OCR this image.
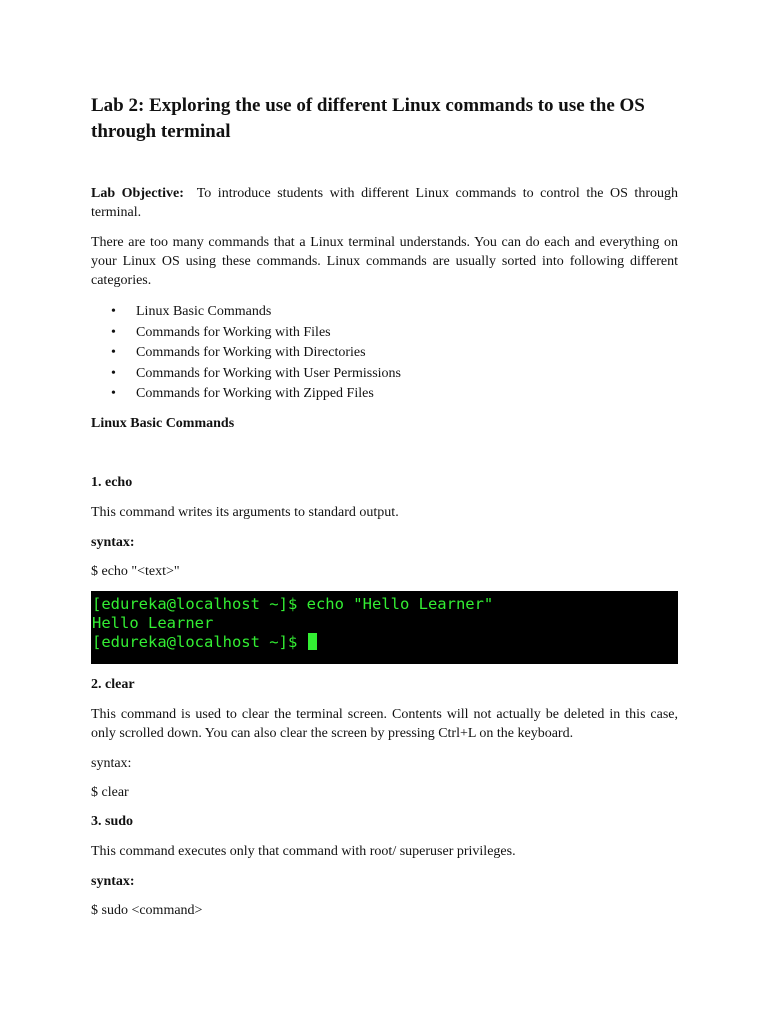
Lab 2: Exploring the use of different Linux commands to use the OS through terminal

Lab Objective: To introduce students with different Linux commands to control the OS through terminal.

There are too many commands that a Linux terminal understands. You can do each and everything on your Linux OS using these commands. Linux commands are usually sorted into following different categories.

• Linux Basic Commands
• Commands for Working with Files
• Commands for Working with Directories
• Commands for Working with User Permissions
• Commands for Working with Zipped Files

Linux Basic Commands

1. echo

This command writes its arguments to standard output.

syntax:

$ echo "<text>"

[edureka@localhost ~]$ echo "Hello Learner"
Hello Learner
[edureka@localhost ~]$

2. clear

This command is used to clear the terminal screen. Contents will not actually be deleted in this case, only scrolled down. You can also clear the screen by pressing Ctrl+L on the keyboard.

syntax:

$ clear

3. sudo

This command executes only that command with root/ superuser privileges.

syntax:

$ sudo <command>
